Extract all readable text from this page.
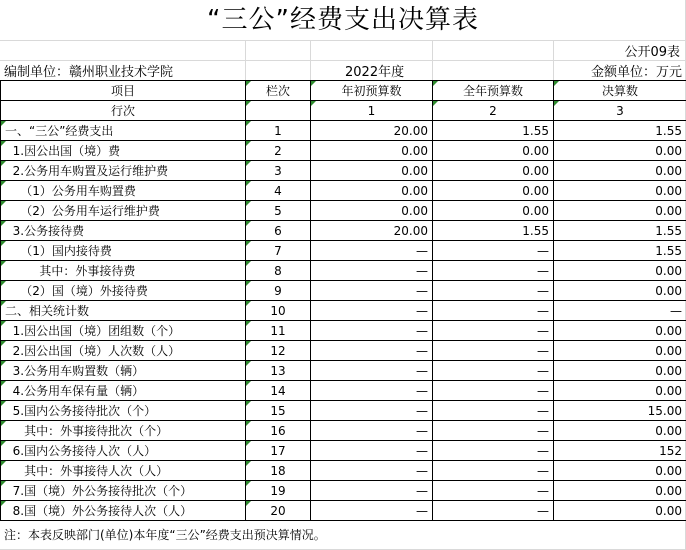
“三公”经费支出决算表
公开09表
编制单位：赣州职业技术学院	2022年度	金额单位：万元
项目	栏次	年初预算数	全年预算数	决算数
行次		1	2	3
一、“三公”经费支出	1	20.00	1.55	1.55
1.因公出国（境）费	2	0.00	0.00	0.00
2.公务用车购置及运行维护费	3	0.00	0.00	0.00
（1）公务用车购置费	4	0.00	0.00	0.00
（2）公务用车运行维护费	5	0.00	0.00	0.00
3.公务接待费	6	20.00	1.55	1.55
（1）国内接待费	7	—	—	1.55
其中：外事接待费	8	—	—	0.00
（2）国（境）外接待费	9	—	—	0.00
二、相关统计数	10	—	—	—
1.因公出国（境）团组数（个）	11	—	—	0.00
2.因公出国（境）人次数（人）	12	—	—	0.00
3.公务用车购置数（辆）	13	—	—	0.00
4.公务用车保有量（辆）	14	—	—	0.00
5.国内公务接待批次（个）	15	—	—	15.00
其中：外事接待批次（个）	16	—	—	0.00
6.国内公务接待人次（人）	17	—	—	152
其中：外事接待人次（人）	18	—	—	0.00
7.国（境）外公务接待批次（个）	19	—	—	0.00
8.国（境）外公务接待人次（人）	20	—	—	0.00
注：本表反映部门(单位)本年度“三公”经费支出预决算情况。
